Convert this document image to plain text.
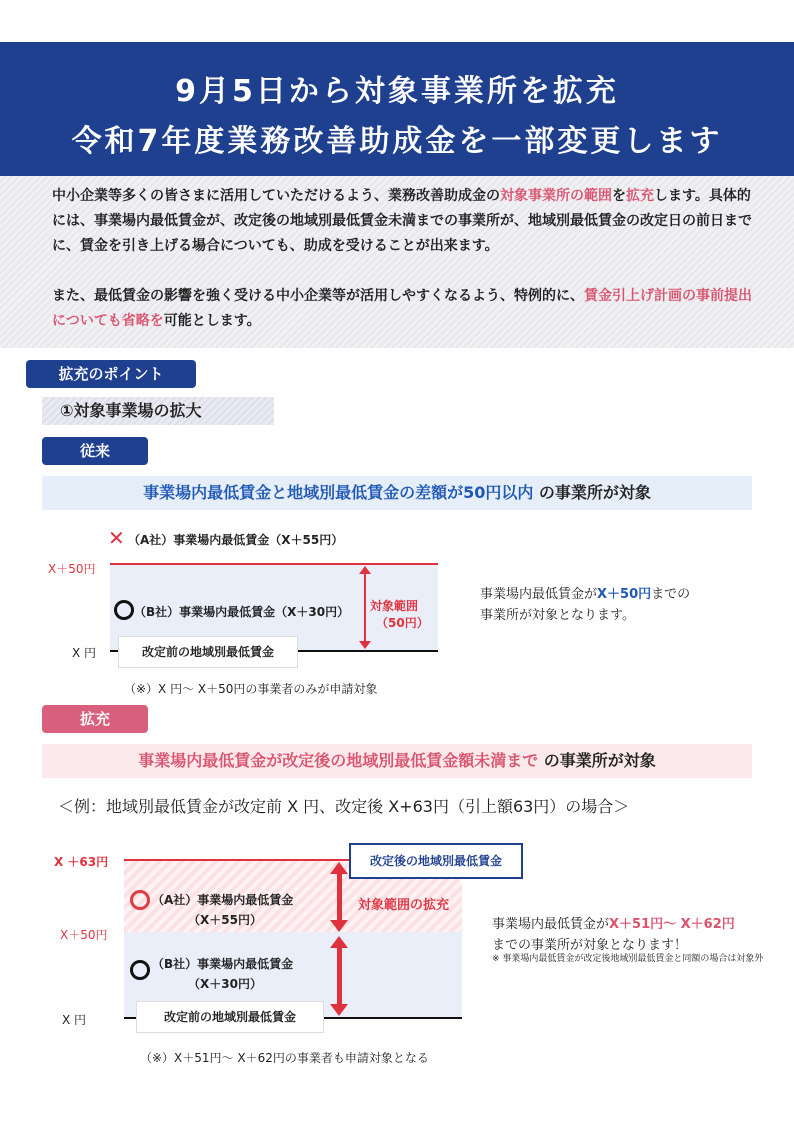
9月5日から対象事業所を拡充
令和7年度業務改善助成金を一部変更します

中小企業等多くの皆さまに活用していただけるよう、業務改善助成金の対象事業所の範囲を拡充します。具体的には、事業場内最低賃金が、改定後の地域別最低賃金未満までの事業所が、地域別最低賃金の改定日の前日までに、賃金を引き上げる場合についても、助成を受けることが出来ます。

また、最低賃金の影響を強く受ける中小企業等が活用しやすくなるよう、特例的に、賃金引上げ計画の事前提出についても省略を可能とします。

拡充のポイント
①対象事業場の拡大
従来
事業場内最低賃金と地域別最低賃金の差額が50円以内 の事業所が対象
✕ （A社）事業場内最低賃金（X＋55円）
X＋50円
X 円
（B社）事業場内最低賃金（X＋30円） 対象範囲
（50円）
改定前の地域別最低賃金
事業場内最低賃金がX＋50円までの
事業所が対象となります。
（※）X 円～ X＋50円の事業者のみが申請対象
拡充
事業場内最低賃金が改定後の地域別最低賃金額未満まで の事業所が対象
＜例：地域別最低賃金が改定前 X 円、改定後 X+63円（引上額63円）の場合＞
X ＋63円
X＋50円
X 円
改定後の地域別最低賃金
（A社）事業場内最低賃金
（X＋55円）
（B社）事業場内最低賃金
（X＋30円）
対象範囲の拡充
改定前の地域別最低賃金
事業場内最低賃金がX＋51円～ X＋62円
までの事業所が対象となります！
※ 事業場内最低賃金が改定後地域別最低賃金と同額の場合は対象外
（※）X＋51円～ X＋62円の事業者も申請対象となる
